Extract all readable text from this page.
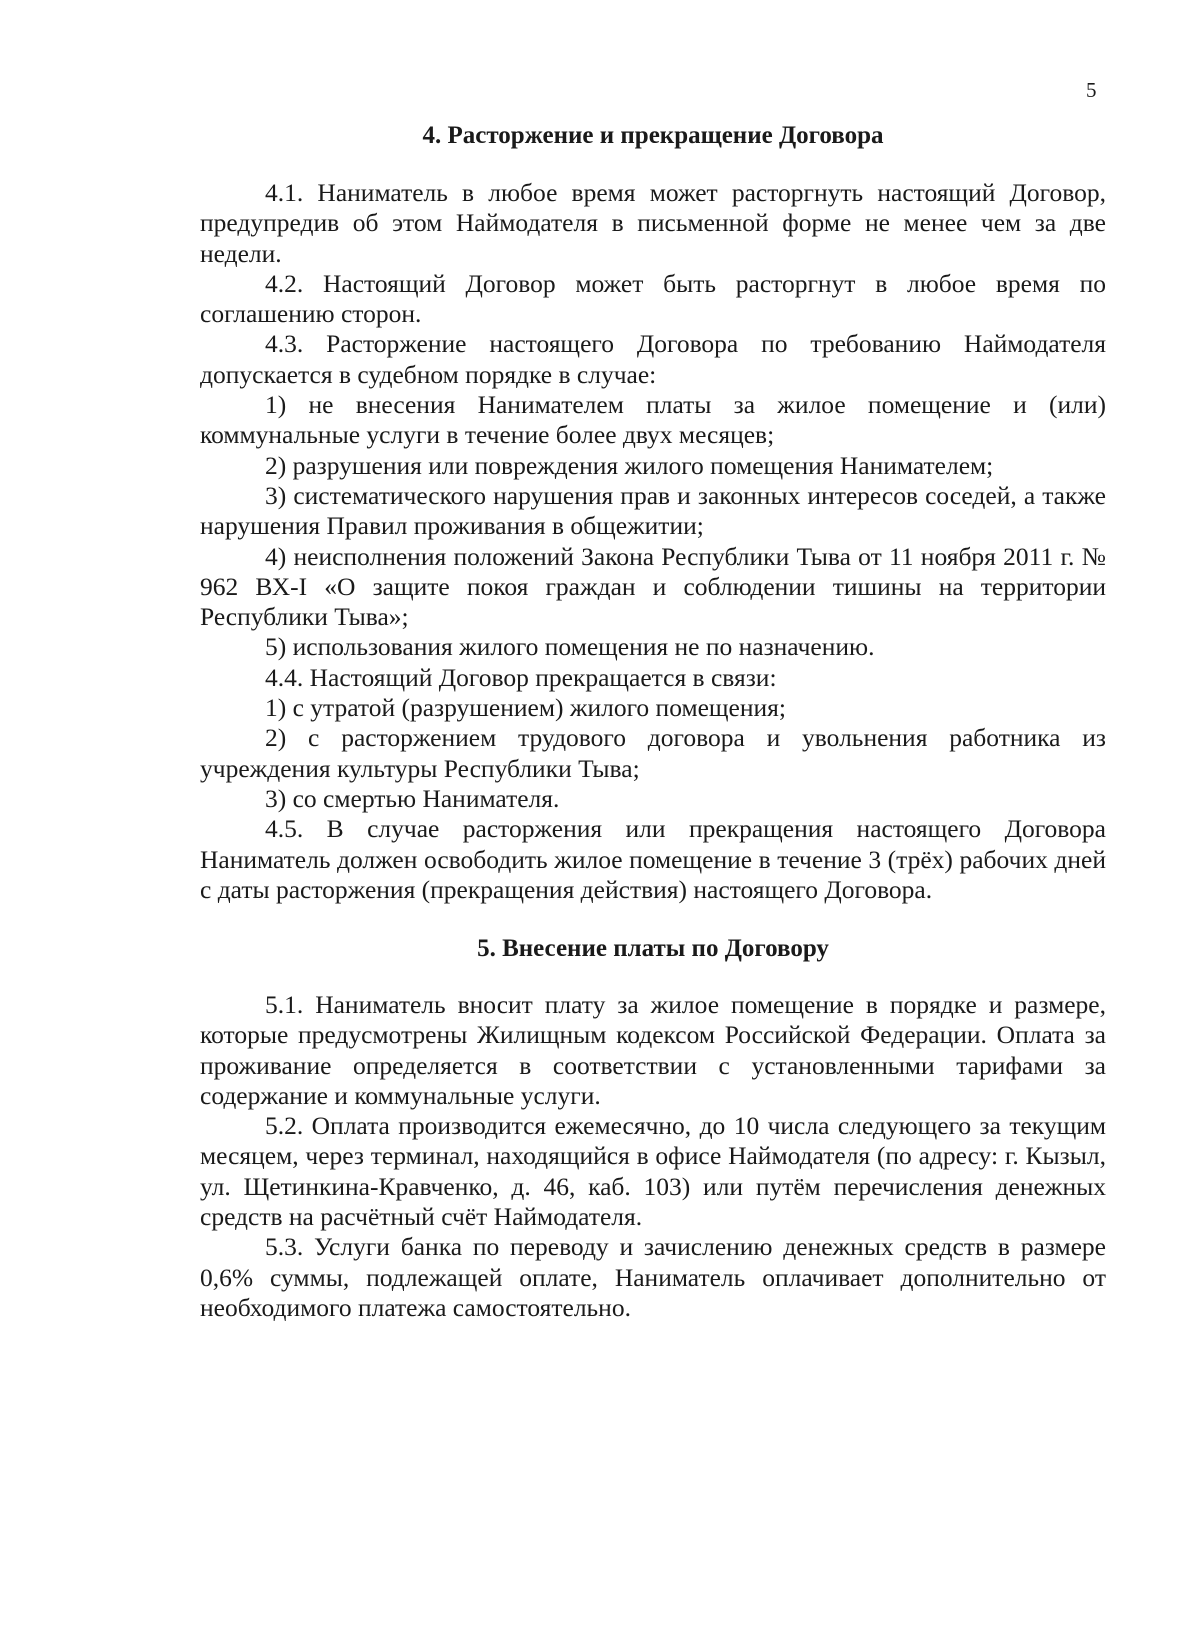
5
4. Расторжение и прекращение Договора

4.1. Наниматель в любое время может расторгнуть настоящий Договор, предупредив об этом Наймодателя в письменной форме не менее чем за две недели.

4.2. Настоящий Договор может быть расторгнут в любое время по соглашению сторон.

4.3. Расторжение настоящего Договора по требованию Наймодателя допускается в судебном порядке в случае:

1) не внесения Нанимателем платы за жилое помещение и (или) коммунальные услуги в течение более двух месяцев;

2) разрушения или повреждения жилого помещения Нанимателем;

3) систематического нарушения прав и законных интересов соседей, а также нарушения Правил проживания в общежитии;

4) неисполнения положений Закона Республики Тыва от 11 ноября 2011 г. № 962 ВХ-I «О защите покоя граждан и соблюдении тишины на территории Республики Тыва»;

5) использования жилого помещения не по назначению.

4.4. Настоящий Договор прекращается в связи:

1) с утратой (разрушением) жилого помещения;

2) с расторжением трудового договора и увольнения работника из учреждения культуры Республики Тыва;

3) со смертью Нанимателя.

4.5. В случае расторжения или прекращения настоящего Договора Наниматель должен освободить жилое помещение в течение 3 (трёх) рабочих дней с даты расторжения (прекращения действия) настоящего Договора.

5. Внесение платы по Договору

5.1. Наниматель вносит плату за жилое помещение в порядке и размере, которые предусмотрены Жилищным кодексом Российской Федерации. Оплата за проживание определяется в соответствии с установленными тарифами за содержание и коммунальные услуги.

5.2. Оплата производится ежемесячно, до 10 числа следующего за текущим месяцем, через терминал, находящийся в офисе Наймодателя (по адресу: г. Кызыл, ул. Щетинкина-Кравченко, д. 46, каб. 103) или путём перечисления денежных средств на расчётный счёт Наймодателя.

5.3. Услуги банка по переводу и зачислению денежных средств в размере 0,6% суммы, подлежащей оплате, Наниматель оплачивает дополнительно от необходимого платежа самостоятельно.
